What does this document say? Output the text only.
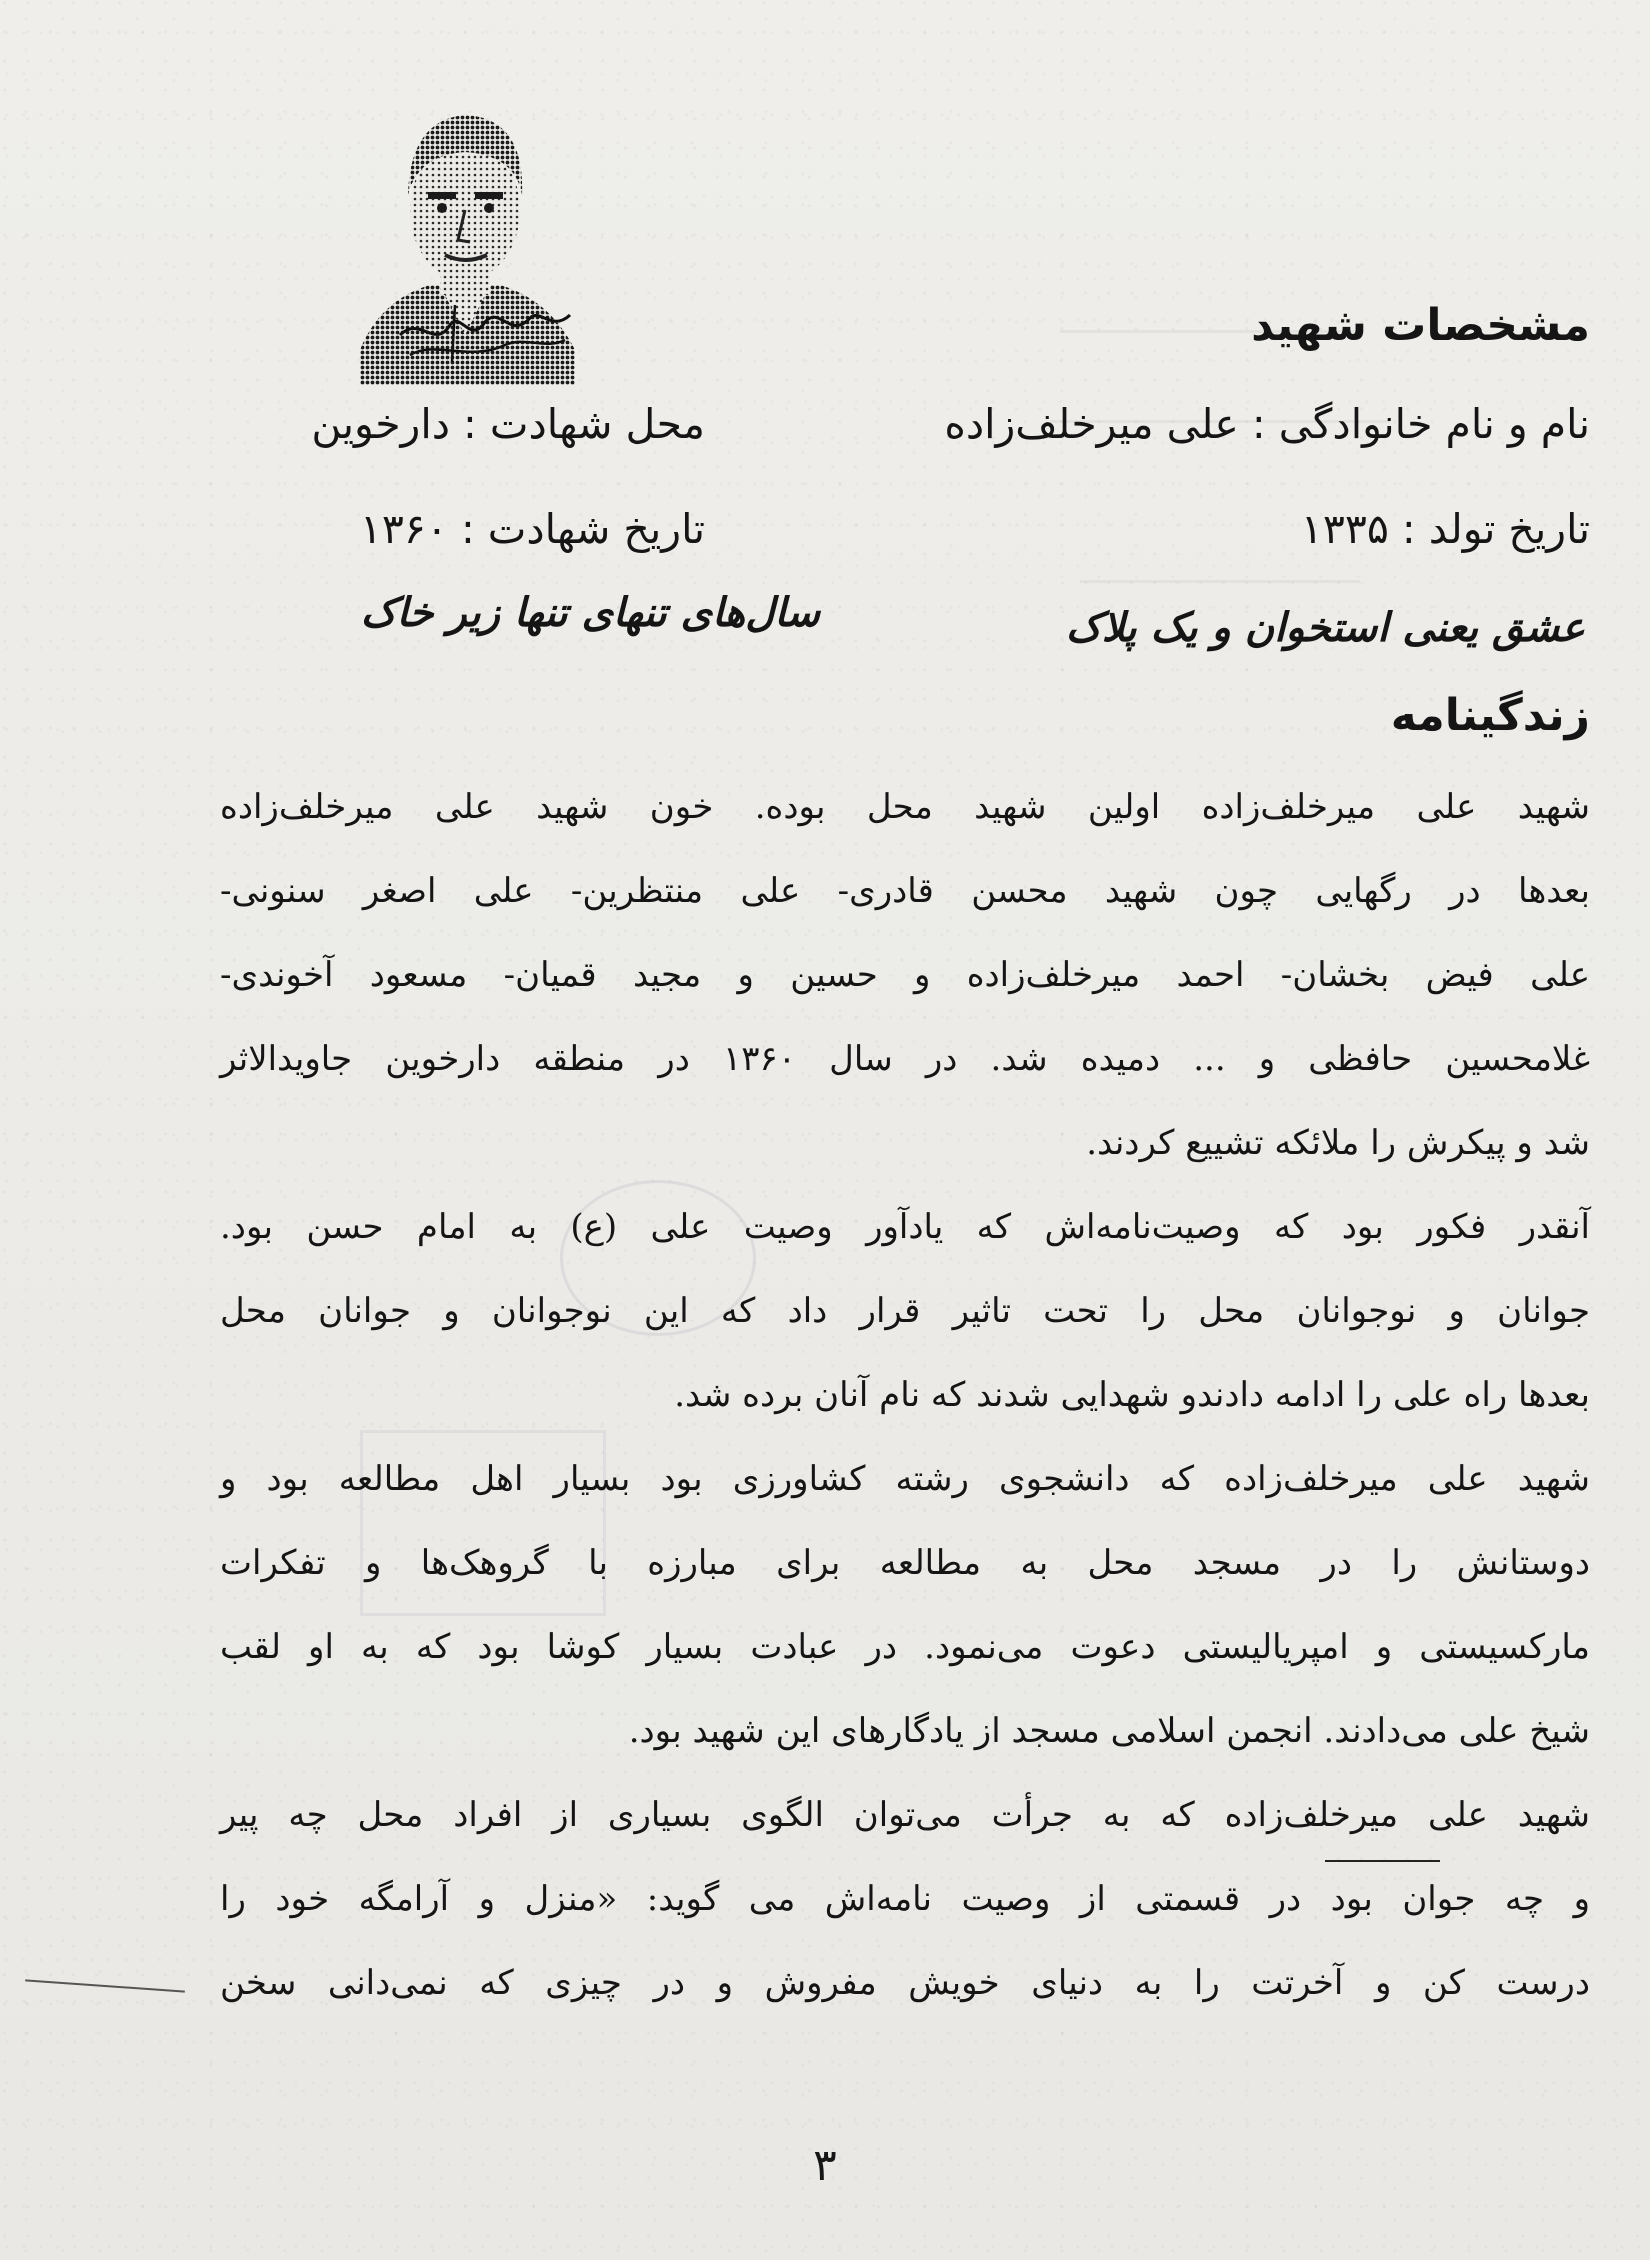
مشخصات شهید

نام و نام خانوادگی : علی میرخلف‌زاده

محل شهادت : دارخوین

تاریخ تولد : ۱۳۳۵

تاریخ شهادت : ۱۳۶۰

عشق یعنی استخوان و یک پلاک

سال‌های تنهای تنها زیر خاک

زندگینامه
شهید علی میرخلف‌زاده اولین شهید محل بوده. خون شهید علی میرخلف‌زاده
بعدها در رگهایی چون شهید محسن قادری- علی منتظرین- علی اصغر سنونی-
علی فیض بخشان- احمد میرخلف‌زاده و حسین و مجید قمیان- مسعود آخوندی-
غلامحسین حافظی و ... دمیده شد. در سال ۱۳۶۰ در منطقه دارخوین جاویدالاثر
شد و پیکرش را ملائکه تشییع کردند.
آنقدر فکور بود که وصیت‌نامه‌اش که یادآور وصیت علی (ع) به امام حسن بود.
جوانان و نوجوانان محل را تحت تاثیر قرار داد که این نوجوانان و جوانان محل
بعدها راه علی را ادامه دادندو شهدایی شدند که نام آنان برده شد.
شهید علی میرخلف‌زاده که دانشجوی رشته کشاورزی بود بسیار اهل مطالعه بود و
دوستانش را در مسجد محل به مطالعه برای مبارزه با گروهک‌ها و تفکرات
مارکسیستی و امپریالیستی دعوت می‌نمود. در عبادت بسیار کوشا بود که به او لقب
شیخ علی می‌دادند. انجمن اسلامی مسجد از یادگارهای این شهید بود.
شهید علی میرخلف‌زاده که به جرأت می‌توان الگوی بسیاری از افراد محل چه پیر
و چه جوان بود در قسمتی از وصیت نامه‌اش می گوید: «منزل و آرامگه خود را
درست کن و آخرتت را به دنیای خویش مفروش و در چیزی که نمی‌دانی سخن
۳
